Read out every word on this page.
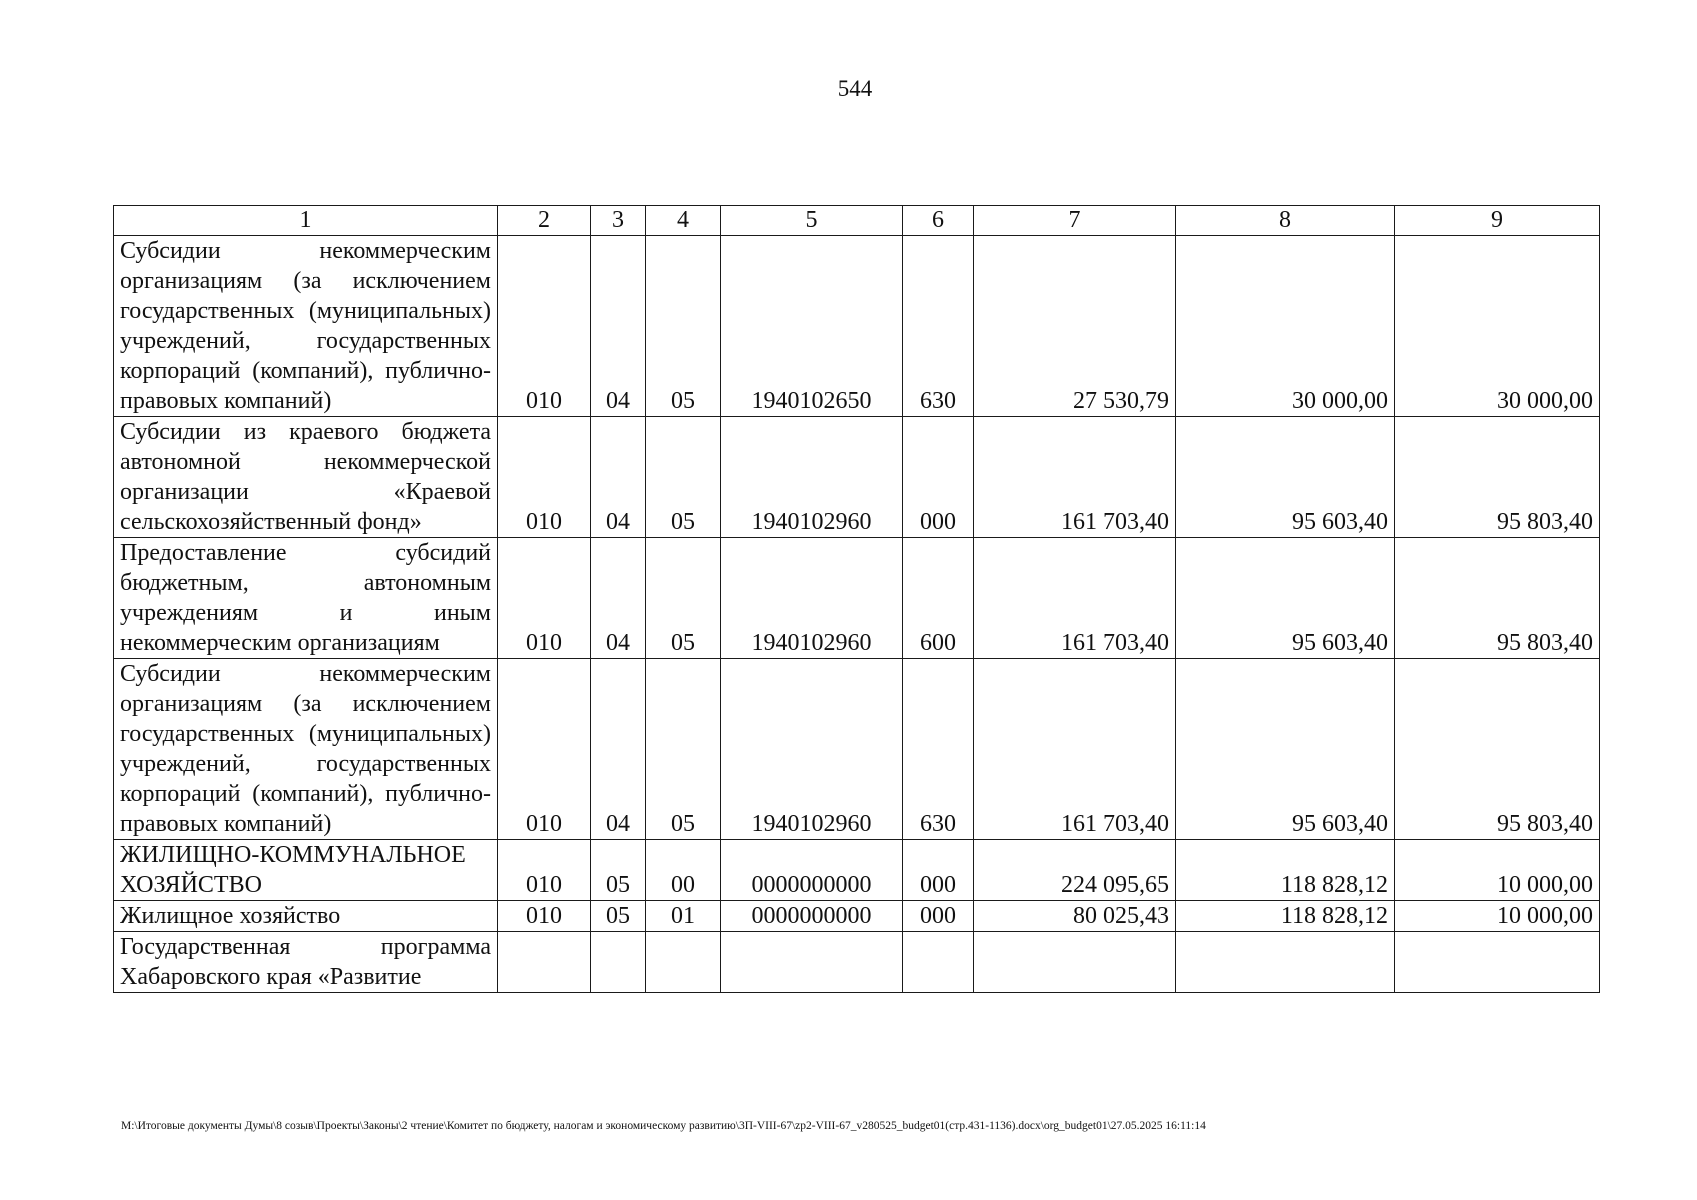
544
1	2	3	4	5	6	7	8	9
Субсидии некоммерческим организациям (за исключением государственных (муниципальных) учреждений, государственных корпораций (компаний), публично-правовых компаний)	010	04	05	1940102650	630	27 530,79	30 000,00	30 000,00
Субсидии из краевого бюджета автономной некоммерческой организации «Краевой сельскохозяйственный фонд»	010	04	05	1940102960	000	161 703,40	95 603,40	95 803,40
Предоставление субсидий бюджетным, автономным учреждениям и иным некоммерческим организациям	010	04	05	1940102960	600	161 703,40	95 603,40	95 803,40
Субсидии некоммерческим организациям (за исключением государственных (муниципальных) учреждений, государственных корпораций (компаний), публично-правовых компаний)	010	04	05	1940102960	630	161 703,40	95 603,40	95 803,40
ЖИЛИЩНО-КОММУНАЛЬНОЕ ХОЗЯЙСТВО	010	05	00	0000000000	000	224 095,65	118 828,12	10 000,00
Жилищное хозяйство	010	05	01	0000000000	000	80 025,43	118 828,12	10 000,00
Государственная программа Хабаровского края «Развитие								
M:\Итоговые документы Думы\8 созыв\Проекты\Законы\2 чтение\Комитет по бюджету, налогам и экономическому развитию\3П-VIII-67\zp2-VIII-67_v280525_budget01(стр.431-1136).docx\org_budget01\27.05.2025 16:11:14
